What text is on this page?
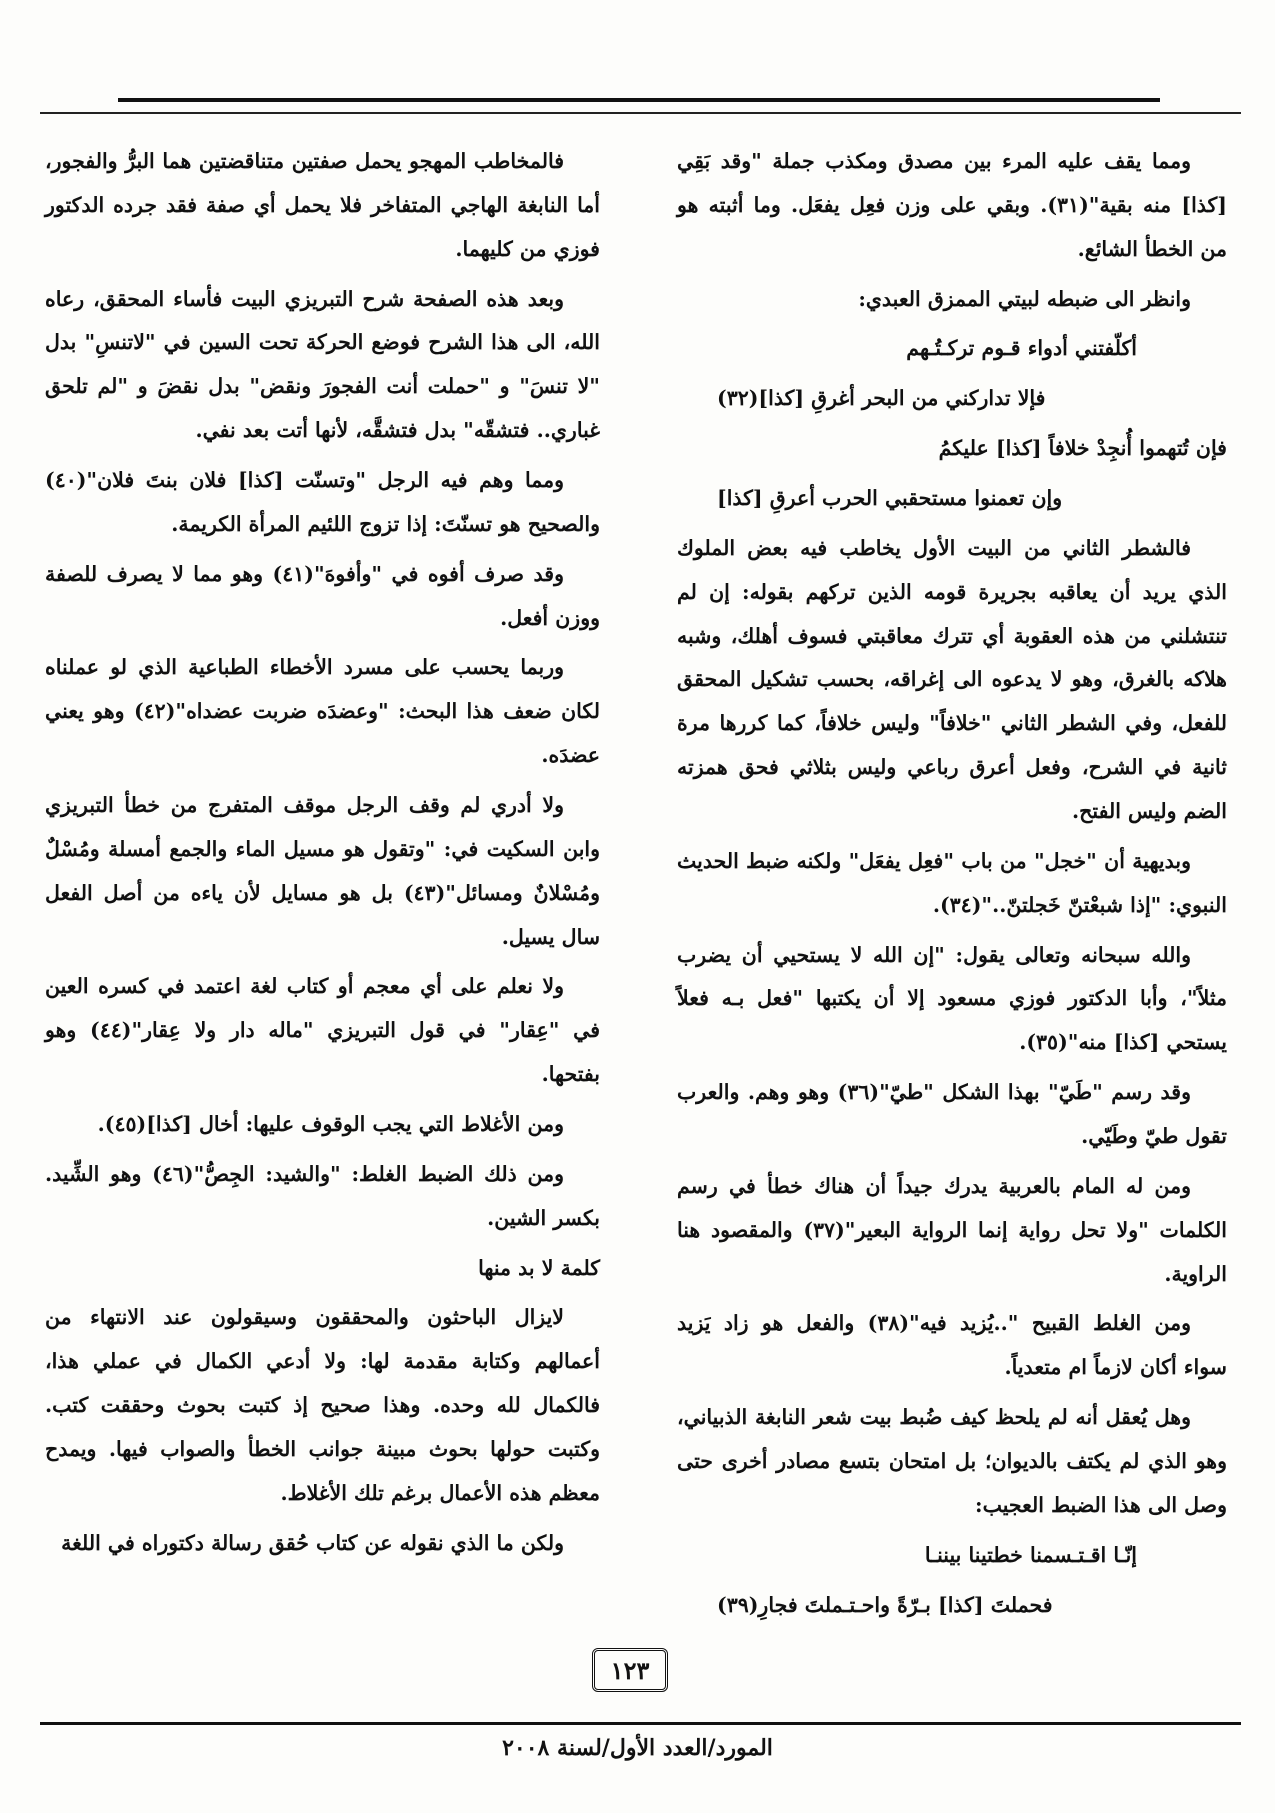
ومما يقف عليه المرء بين مصدق ومكذب جملة "وقد بَقِي [كذا] منه بقية"(٣١). وبقي على وزن فعِل يفعَل. وما أثبته هو من الخطأ الشائع.

وانظر الى ضبطه لبيتي الممزق العبدي:

أكلّفتني أدواء قـوم تركـتُـهم

فإلا تداركني من البحر أغرقِ [كذا](٣٢)

فإن تُتهموا أُنجِدْ خلافاً [كذا] عليكمُ

وإن تعمنوا مستحقبي الحرب أعرقِ [كذا]

فالشطر الثاني من البيت الأول يخاطب فيه بعض الملوك الذي يريد أن يعاقبه بجريرة قومه الذين تركهم بقوله: إن لم تنتشلني من هذه العقوبة أي تترك معاقبتي فسوف أهلك، وشبه هلاكه بالغرق، وهو لا يدعوه الى إغراقه، بحسب تشكيل المحقق للفعل، وفي الشطر الثاني "خلافاً" وليس خلافاً، كما كررها مرة ثانية في الشرح، وفعل أعرق رباعي وليس بثلاثي فحق همزته الضم وليس الفتح.

وبديهية أن "خجل" من باب "فعِل يفعَل" ولكنه ضبط الحديث النبوي: "إذا شبعْتنّ خَجلتنّ.."(٣٤).

والله سبحانه وتعالى يقول: "إن الله لا يستحيي أن يضرب مثلاً"، وأبا الدكتور فوزي مسعود إلا أن يكتبها "فعل بـه فعلاً يستحي [كذا] منه"(٣٥).

وقد رسم "طَيّ" بهذا الشكل "طيّ"(٣٦) وهو وهم. والعرب تقول طيّ وطَيّي.

ومن له المام بالعربية يدرك جيداً أن هناك خطأ في رسم الكلمات "ولا تحل رواية إنما الرواية البعير"(٣٧) والمقصود هنا الراوية.

ومن الغلط القبيح "..يُزيد فيه"(٣٨) والفعل هو زاد يَزيد سواء أكان لازماً ام متعدياً.

وهل يُعقل أنه لم يلحظ كيف ضُبط بيت شعر النابغة الذبياني، وهو الذي لم يكتف بالديوان؛ بل امتحان بتسع مصادر أخرى حتى وصل الى هذا الضبط العجيب:

إنّـا اقـتـسمنا خطتينا بيننـا

فحملتَ [كذا] بـرّةً واحـتـملتَ فجارِ(٣٩)

فالمخاطب المهجو يحمل صفتين متناقضتين هما البرُّ والفجور، أما النابغة الهاجي المتفاخر فلا يحمل أي صفة فقد جرده الدكتور فوزي من كليهما.

وبعد هذه الصفحة شرح التبريزي البيت فأساء المحقق، رعاه الله، الى هذا الشرح فوضع الحركة تحت السين في "لاتنسِ" بدل "لا تنسَ" و "حملت أنت الفجورَ ونقض" بدل نقضَ و "لم تلحق غباري.. فتشقّه" بدل فتشقَّه، لأنها أتت بعد نفي.

ومما وهم فيه الرجل "وتسنّت [كذا] فلان بنتَ فلان"(٤٠) والصحيح هو تسنّتَ: إذا تزوج اللئيم المرأة الكريمة.

وقد صرف أفوه في "وأفوهَ"(٤١) وهو مما لا يصرف للصفة ووزن أفعل.

وربما يحسب على مسرد الأخطاء الطباعية الذي لو عملناه لكان ضعف هذا البحث: "وعضدَه ضربت عضداه"(٤٢) وهو يعني عضدَه.

ولا أدري لم وقف الرجل موقف المتفرج من خطأ التبريزي وابن السكيت في: "وتقول هو مسيل الماء والجمع أمسلة ومُسْلٌ ومُسْلانٌ ومسائل"(٤٣) بل هو مسايل لأن ياءه من أصل الفعل سال يسيل.

ولا نعلم على أي معجم أو كتاب لغة اعتمد في كسره العين في "عِقار" في قول التبريزي "ماله دار ولا عِقار"(٤٤) وهو بفتحها.

ومن الأغلاط التي يجب الوقوف عليها: أخال [كذا](٤٥).

ومن ذلك الضبط الغلط: "والشيد: الجِصُّ"(٤٦) وهو الشِّيد. بكسر الشين.

كلمة لا بد منها

لايزال الباحثون والمحققون وسيقولون عند الانتهاء من أعمالهم وكتابة مقدمة لها: ولا أدعي الكمال في عملي هذا، فالكمال لله وحده. وهذا صحيح إذ كتبت بحوث وحققت كتب. وكتبت حولها بحوث مبينة جوانب الخطأ والصواب فيها. ويمدح معظم هذه الأعمال برغم تلك الأغلاط.

ولكن ما الذي نقوله عن كتاب حُقق رسالة دكتوراه في اللغة

١٢٣
المورد/العدد الأول/لسنة ٢٠٠٨
